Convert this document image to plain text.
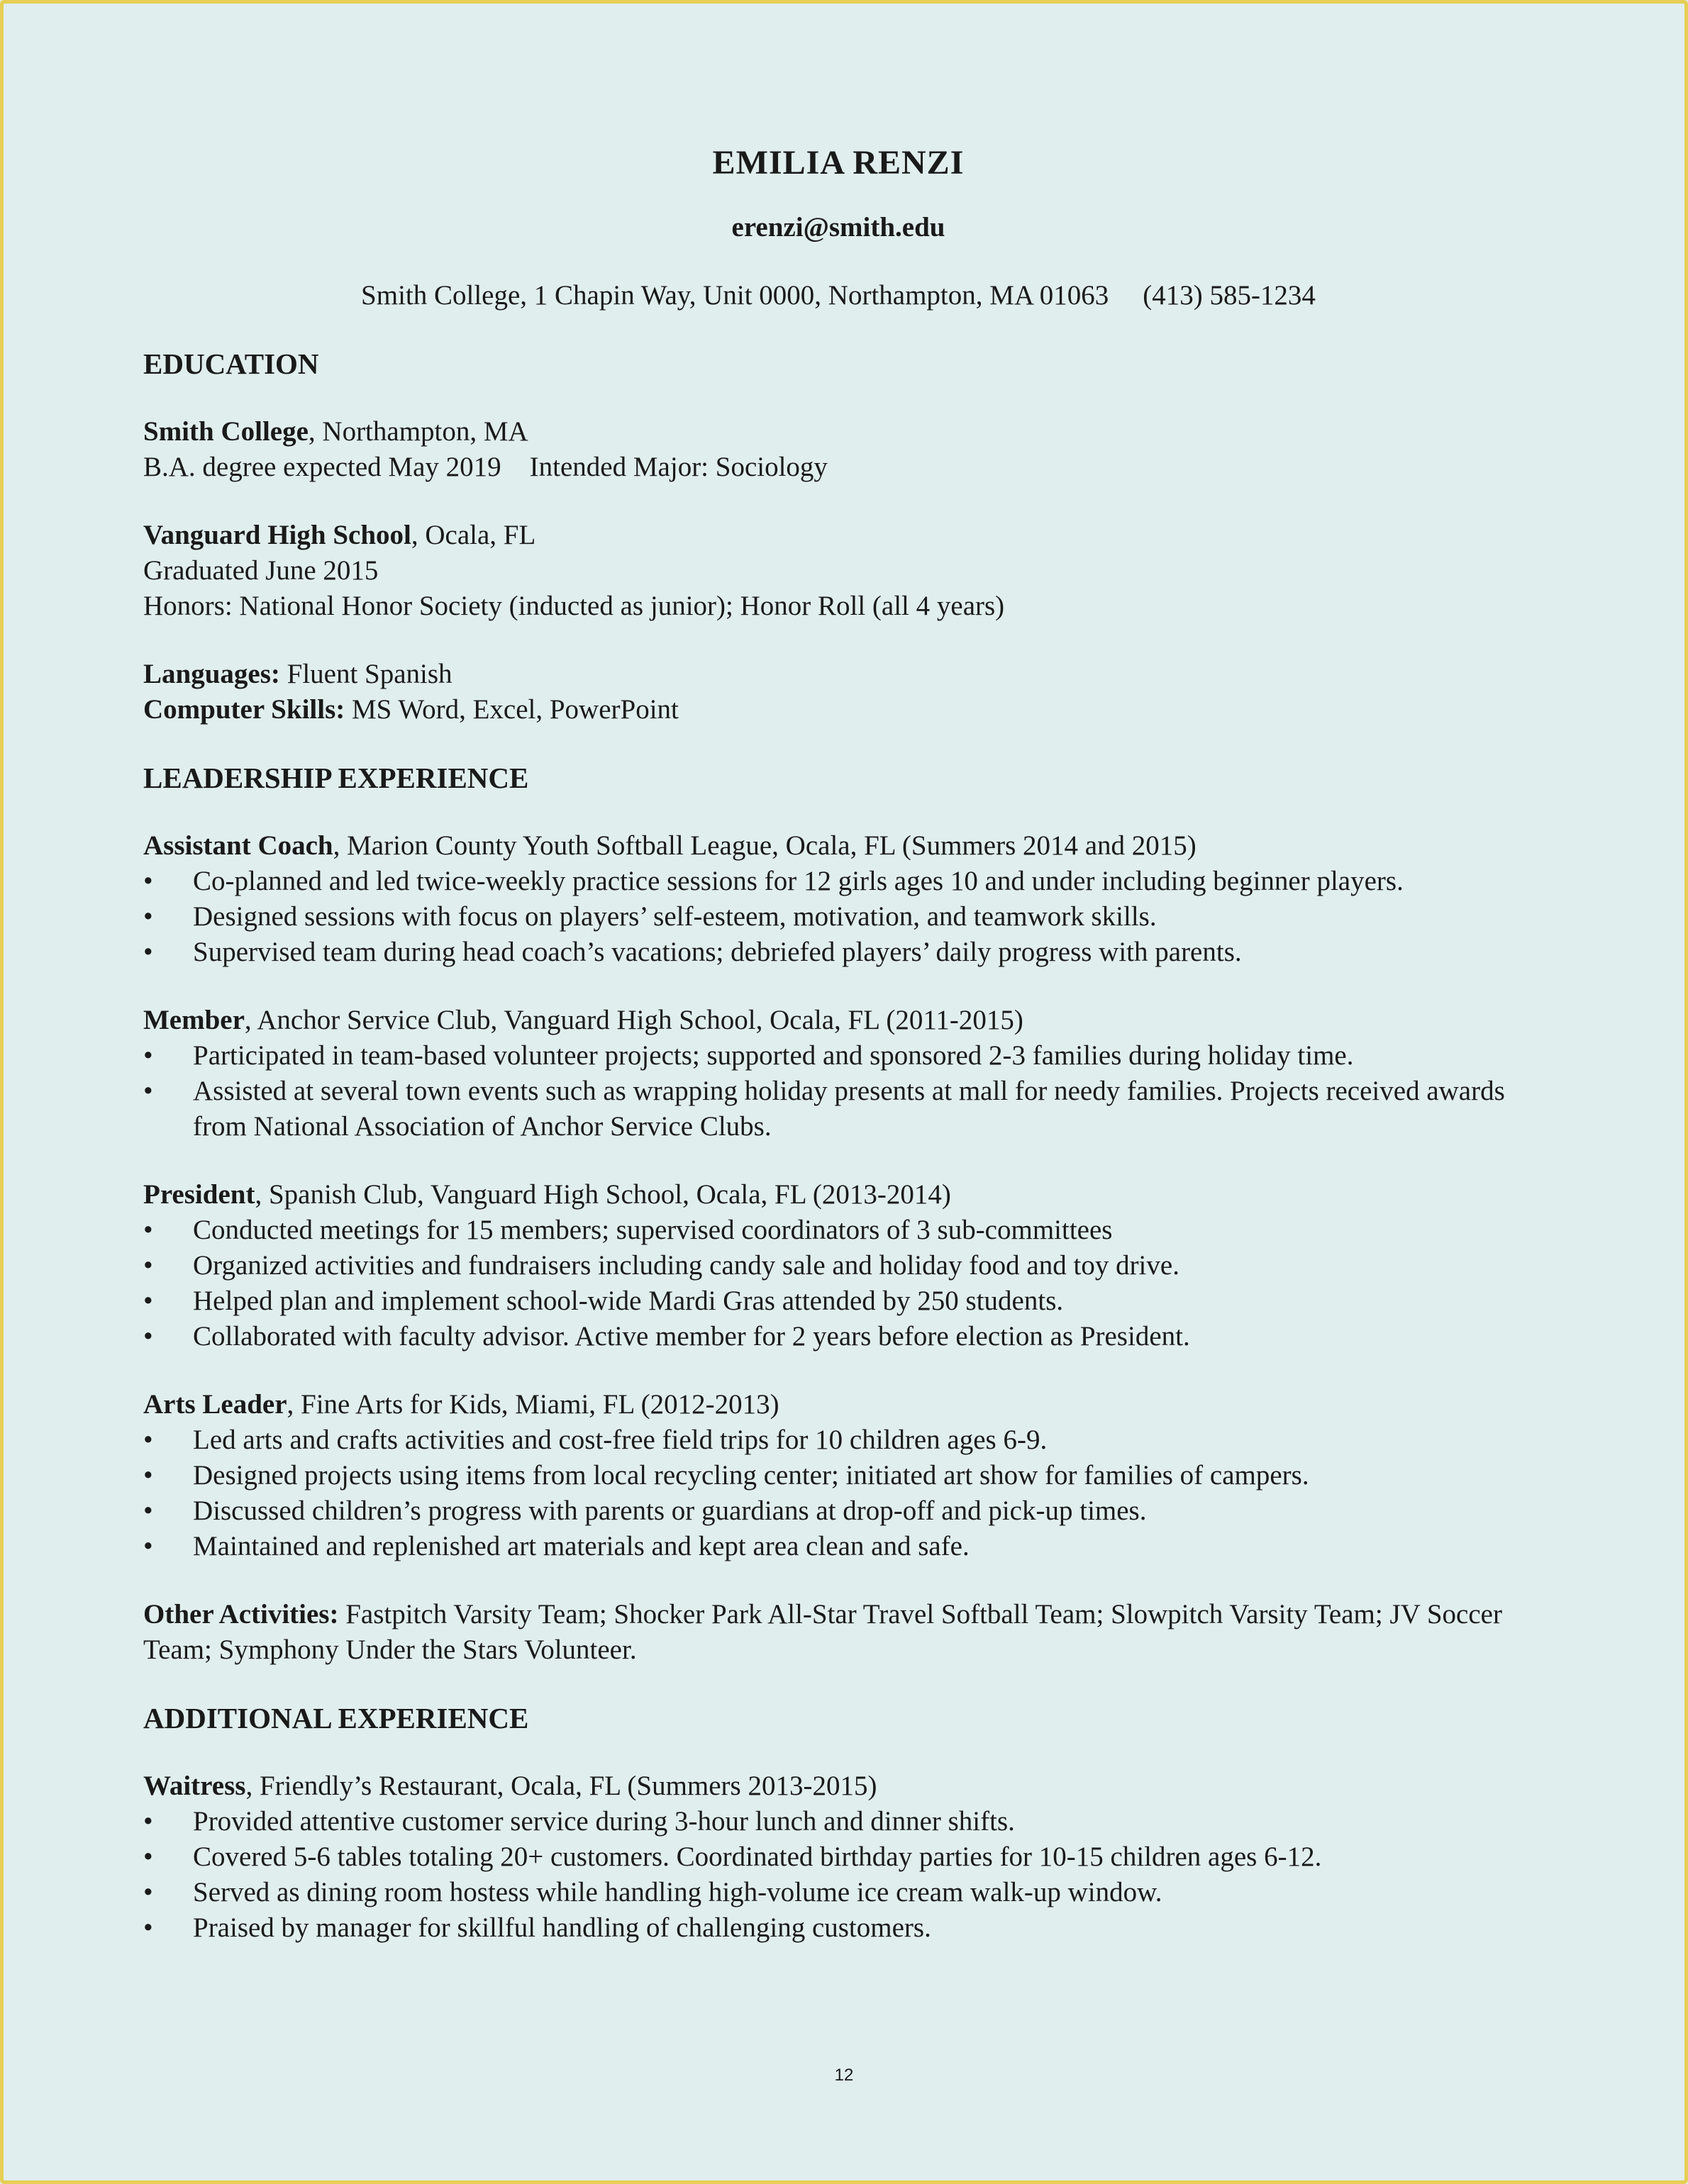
EMILIA RENZI
erenzi@smith.edu
Smith College, 1 Chapin Way, Unit 0000, Northampton, MA 01063 (413) 585-1234
EDUCATION

Smith College, Northampton, MA

B.A. degree expected May 2019 Intended Major: Sociology

Vanguard High School, Ocala, FL

Graduated June 2015

Honors: National Honor Society (inducted as junior); Honor Roll (all 4 years)

Languages: Fluent Spanish

Computer Skills: MS Word, Excel, PowerPoint

LEADERSHIP EXPERIENCE

Assistant Coach, Marion County Youth Softball League, Ocala, FL (Summers 2014 and 2015)

•	Co-planned and led twice-weekly practice sessions for 12 girls ages 10 and under including beginner players.
•	Designed sessions with focus on players’ self-esteem, motivation, and teamwork skills.
•	Supervised team during head coach’s vacations; debriefed players’ daily progress with parents.

Member, Anchor Service Club, Vanguard High School, Ocala, FL (2011-2015)

•	Participated in team-based volunteer projects; supported and sponsored 2-3 families during holiday time.
•	Assisted at several town events such as wrapping holiday presents at mall for needy families. Projects received awards from National Association of Anchor Service Clubs.

President, Spanish Club, Vanguard High School, Ocala, FL (2013-2014)

•	Conducted meetings for 15 members; supervised coordinators of 3 sub-committees
•	Organized activities and fundraisers including candy sale and holiday food and toy drive.
•	Helped plan and implement school-wide Mardi Gras attended by 250 students.
•	Collaborated with faculty advisor. Active member for 2 years before election as President.

Arts Leader, Fine Arts for Kids, Miami, FL (2012-2013)

•	Led arts and crafts activities and cost-free field trips for 10 children ages 6-9.
•	Designed projects using items from local recycling center; initiated art show for families of campers.
•	Discussed children’s progress with parents or guardians at drop-off and pick-up times.
•	Maintained and replenished art materials and kept area clean and safe.

Other Activities: Fastpitch Varsity Team; Shocker Park All-Star Travel Softball Team; Slowpitch Varsity Team; JV Soccer Team; Symphony Under the Stars Volunteer.

ADDITIONAL EXPERIENCE

Waitress, Friendly’s Restaurant, Ocala, FL (Summers 2013-2015)

•	Provided attentive customer service during 3-hour lunch and dinner shifts.
•	Covered 5-6 tables totaling 20+ customers. Coordinated birthday parties for 10-15 children ages 6-12.
•	Served as dining room hostess while handling high-volume ice cream walk-up window.
•	Praised by manager for skillful handling of challenging customers.
12
